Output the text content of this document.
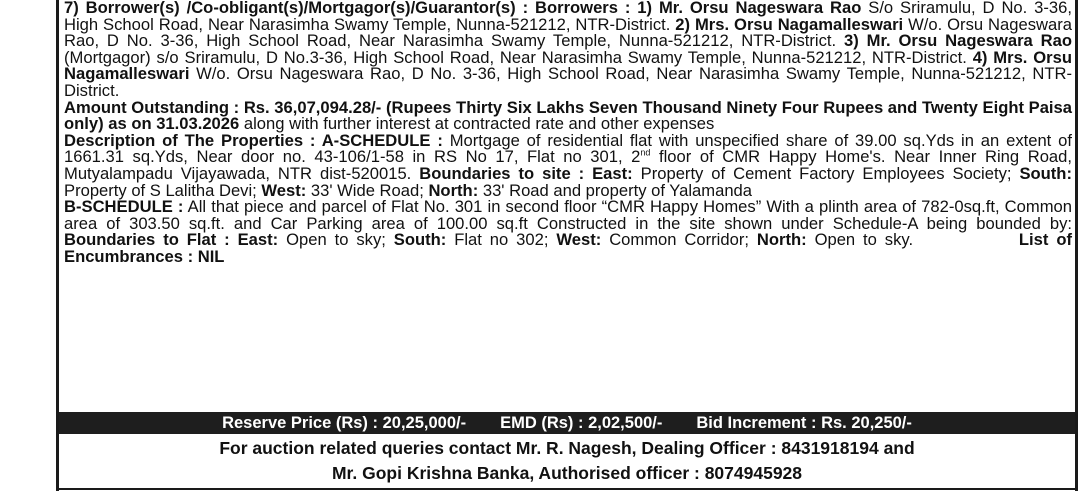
7) Borrower(s) /Co-obligant(s)/Mortgagor(s)/Guarantor(s) : Borrowers : 1) Mr. Orsu Nageswara Rao S/o Sriramulu, D No. 3-36, High School Road, Near Narasimha Swamy Temple, Nunna-521212, NTR-District. 2) Mrs. Orsu Nagamalleswari W/o. Orsu Nageswara Rao, D No. 3-36, High School Road, Near Narasimha Swamy Temple, Nunna-521212, NTR-District. 3) Mr. Orsu Nageswara Rao (Mortgagor) s/o Sriramulu, D No.3-36, High School Road, Near Narasimha Swamy Temple, Nunna-521212, NTR-District. 4) Mrs. Orsu Nagamalleswari W/o. Orsu Nageswara Rao, D No. 3-36, High School Road, Near Narasimha Swamy Temple, Nunna-521212, NTR-District.

Amount Outstanding : Rs. 36,07,094.28/- (Rupees Thirty Six Lakhs Seven Thousand Ninety Four Rupees and Twenty Eight Paisa only) as on 31.03.2026 along with further interest at contracted rate and other expenses

Description of The Properties : A-SCHEDULE : Mortgage of residential flat with unspecified share of 39.00 sq.Yds in an extent of 1661.31 sq.Yds, Near door no. 43-106/1-58 in RS No 17, Flat no 301, 2nd floor of CMR Happy Home's. Near Inner Ring Road, Mutyalampadu Vijayawada, NTR dist-520015. Boundaries to site : East: Property of Cement Factory Employees Society; South: Property of S Lalitha Devi; West: 33' Wide Road; North: 33' Road and property of Yalamanda

B-SCHEDULE : All that piece and parcel of Flat No. 301 in second floor “CMR Happy Homes” With a plinth area of 782-0sq.ft, Common area of 303.50 sq.ft. and Car Parking area of 100.00 sq.ft Constructed in the site shown under Schedule-A being bounded by: Boundaries to Flat : East: Open to sky; South: Flat no 302; West: Common Corridor; North: Open to sky.	List of Encumbrances : NIL

Reserve Price (Rs) : 20,25,000/- EMD (Rs) : 2,02,500/- Bid Increment : Rs. 20,250/-
For auction related queries contact Mr. R. Nagesh, Dealing Officer : 8431918194 and
Mr. Gopi Krishna Banka, Authorised officer : 8074945928
